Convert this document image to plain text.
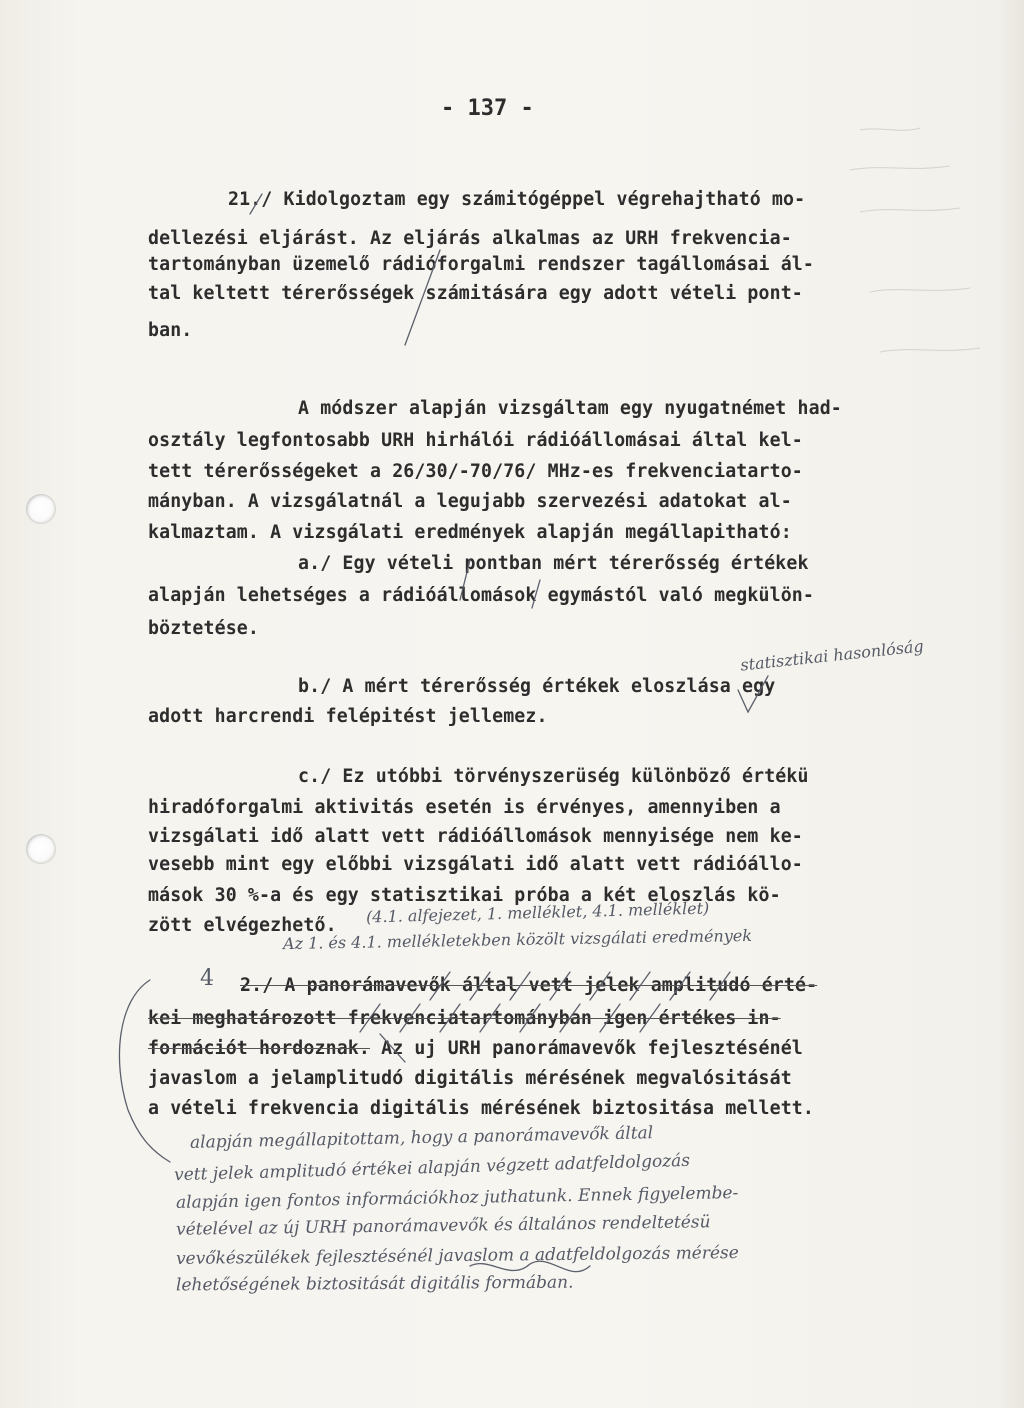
- 137 -
21./ Kidolgoztam egy számitógéppel végrehajtható mo-
dellezési eljárást. Az eljárás alkalmas az URH frekvencia-
tartományban üzemelő rádióforgalmi rendszer tagállomásai ál-
tal keltett térerősségek számitására egy adott vételi pont-
ban.
A módszer alapján vizsgáltam egy nyugatnémet had-
osztály legfontosabb URH hirhálói rádióállomásai által kel-
tett térerősségeket a 26/30/-70/76/ MHz-es frekvenciatarto-
mányban. A vizsgálatnál a legujabb szervezési adatokat al-
kalmaztam. A vizsgálati eredmények alapján megállapitható:
a./ Egy vételi pontban mért térerősség értékek
alapján lehetséges a rádióállomások egymástól való megkülön-
böztetése.
b./ A mért térerősség értékek eloszlása egy
adott harcrendi felépitést jellemez.
statisztikai hasonlóság
c./ Ez utóbbi törvényszerüség különböző értékü
hiradóforgalmi aktivitás esetén is érvényes, amennyiben a
vizsgálati idő alatt vett rádióállomások mennyisége nem ke-
vesebb mint egy előbbi vizsgálati idő alatt vett rádióállo-
mások 30 %-a és egy statisztikai próba a két eloszlás kö-
zött elvégezhető. (4.1. alfejezet, 1. melléklet, 4.1. melléklet)
Az 1. és 4.1. mellékletekben közölt vizsgálati eredmények
4 2./ A panorámavevők által vett jelek amplitudó érté-
kei meghatározott frekvenciatartományban igen értékes in-
formációt hordoznak. Az uj URH panorámavevők fejlesztésénél
javaslom a jelamplitudó digitális mérésének megvalósitását
a vételi frekvencia digitális mérésének biztositása mellett.
alapján megállapitottam, hogy a panorámavevők által
vett jelek amplitudó értékei alapján végzett adatfeldolgozás
alapján igen fontos információkhoz juthatunk. Ennek figyelembe-
vételével az új URH panorámavevők és általános rendeltetésü
vevőkészülékek fejlesztésénél javaslom a adatfeldolgozás mérése
lehetőségének biztositását digitális formában.
